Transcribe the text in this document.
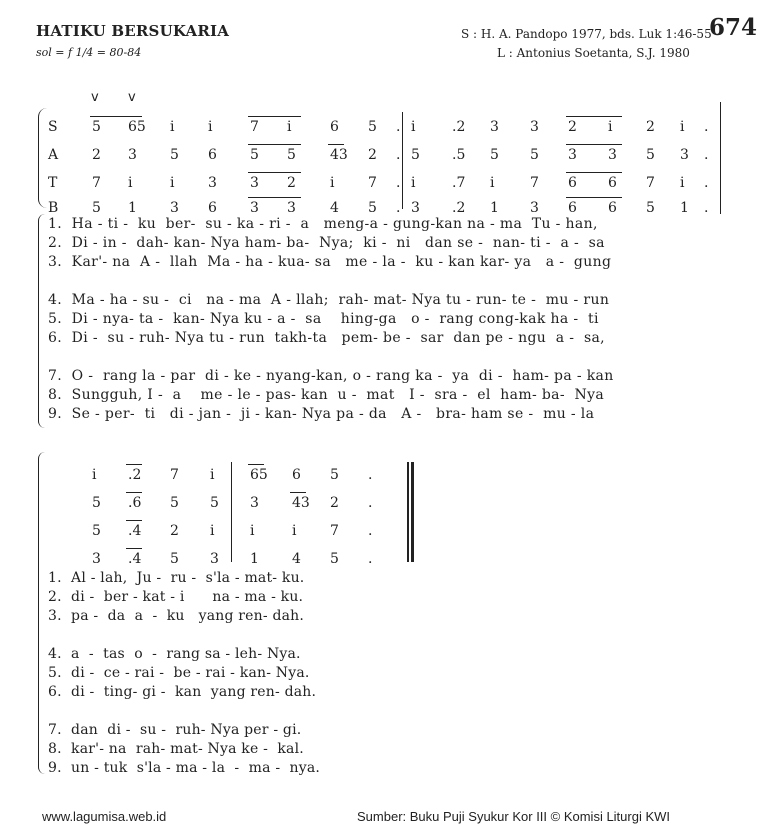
HATIKU BERSUKARIA
sol = f 1/4 = 80-84
S : H. A. Pandopo 1977, bds. Luk 1:46-55
674
L : Antonius Soetanta, S.J. 1980
v v
5 65 i i	7 i	6 5 . i	.2 3 3 2 i 2 i .
S
2 3 5 6 5 5 43 2 . 5 .5 5 5 3 3 5 3 .
A
7 i	i 3 3 2 i 7 . i	.7 i	7 6 6 7 i .
T
5 1 3 6 3 3 4 5 . 3 .2 1 3 6 6 5 1 .
B
1.  Ha - ti -  ku  ber-  su - ka - ri -  a   meng-a - gung-kan na - ma  Tu - han,
2.  Di - in -  dah- kan- Nya ham- ba-  Nya;  ki -  ni   dan se -  nan- ti -  a -  sa
3.  Kar'- na  A -  llah  Ma - ha - kua- sa   me - la -  ku - kan kar- ya   a -  gung
4.  Ma - ha - su -  ci   na - ma  A - llah;  rah- mat- Nya tu - run- te -  mu - run
5.  Di - nya- ta -  kan- Nya ku - a -  sa    hing-ga   o -  rang cong-kak ha -  ti
6.  Di -  su - ruh- Nya tu - run  takh-ta   pem- be -  sar  dan pe - ngu  a -  sa,
7.  O -  rang la - par  di - ke - nyang-kan, o - rang ka -  ya  di -  ham- pa - kan
8.  Sungguh, I -  a    me - le - pas- kan  u -  mat   I -  sra -  el  ham- ba-  Nya
9.  Se - per-  ti   di - jan -  ji - kan- Nya pa - da   A -   bra- ham se -  mu - la
i .2 7 i	65 6 5 .
5 .6 5 5 3 43 2 .
5 .4 2 i	i	i 7 .
3 .4 5 3 1 4 5 .
1.  Al - lah,  Ju -  ru -  s'la - mat- ku.
2.  di -  ber - kat - i      na - ma - ku.
3.  pa -  da  a  -  ku   yang ren- dah.
4.  a  -  tas  o  -  rang sa - leh- Nya.
5.  di -  ce - rai -  be - rai - kan- Nya.
6.  di -  ting- gi -  kan  yang ren- dah.
7.  dan  di -  su -  ruh- Nya per - gi.
8.  kar'- na  rah- mat- Nya ke -  kal.
9.  un - tuk  s'la - ma - la  -  ma -  nya.
www.lagumisa.web.id	Sumber: Buku Puji Syukur Kor III © Komisi Liturgi KWI
